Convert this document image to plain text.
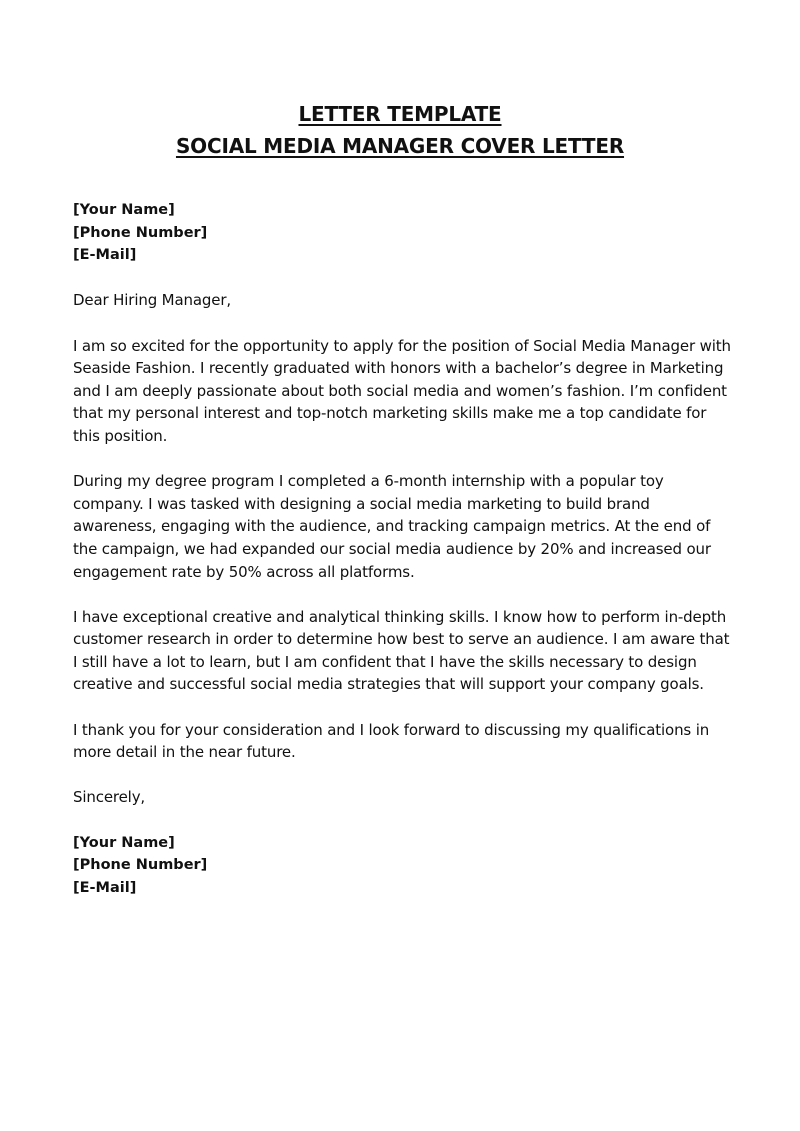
LETTER TEMPLATE
SOCIAL MEDIA MANAGER COVER LETTER
[Your Name]
[Phone Number]
[E-Mail]

Dear Hiring Manager,

I am so excited for the opportunity to apply for the position of Social Media Manager with Seaside Fashion. I recently graduated with honors with a bachelor’s degree in Marketing and I am deeply passionate about both social media and women’s fashion. I’m confident that my personal interest and top-notch marketing skills make me a top candidate for this position.

During my degree program I completed a 6-month internship with a popular toy company. I was tasked with designing a social media marketing to build brand awareness, engaging with the audience, and tracking campaign metrics. At the end of the campaign, we had expanded our social media audience by 20% and increased our engagement rate by 50% across all platforms.

I have exceptional creative and analytical thinking skills. I know how to perform in-depth customer research in order to determine how best to serve an audience. I am aware that I still have a lot to learn, but I am confident that I have the skills necessary to design creative and successful social media strategies that will support your company goals.

I thank you for your consideration and I look forward to discussing my qualifications in more detail in the near future.

Sincerely,

[Your Name]
[Phone Number]
[E-Mail]
